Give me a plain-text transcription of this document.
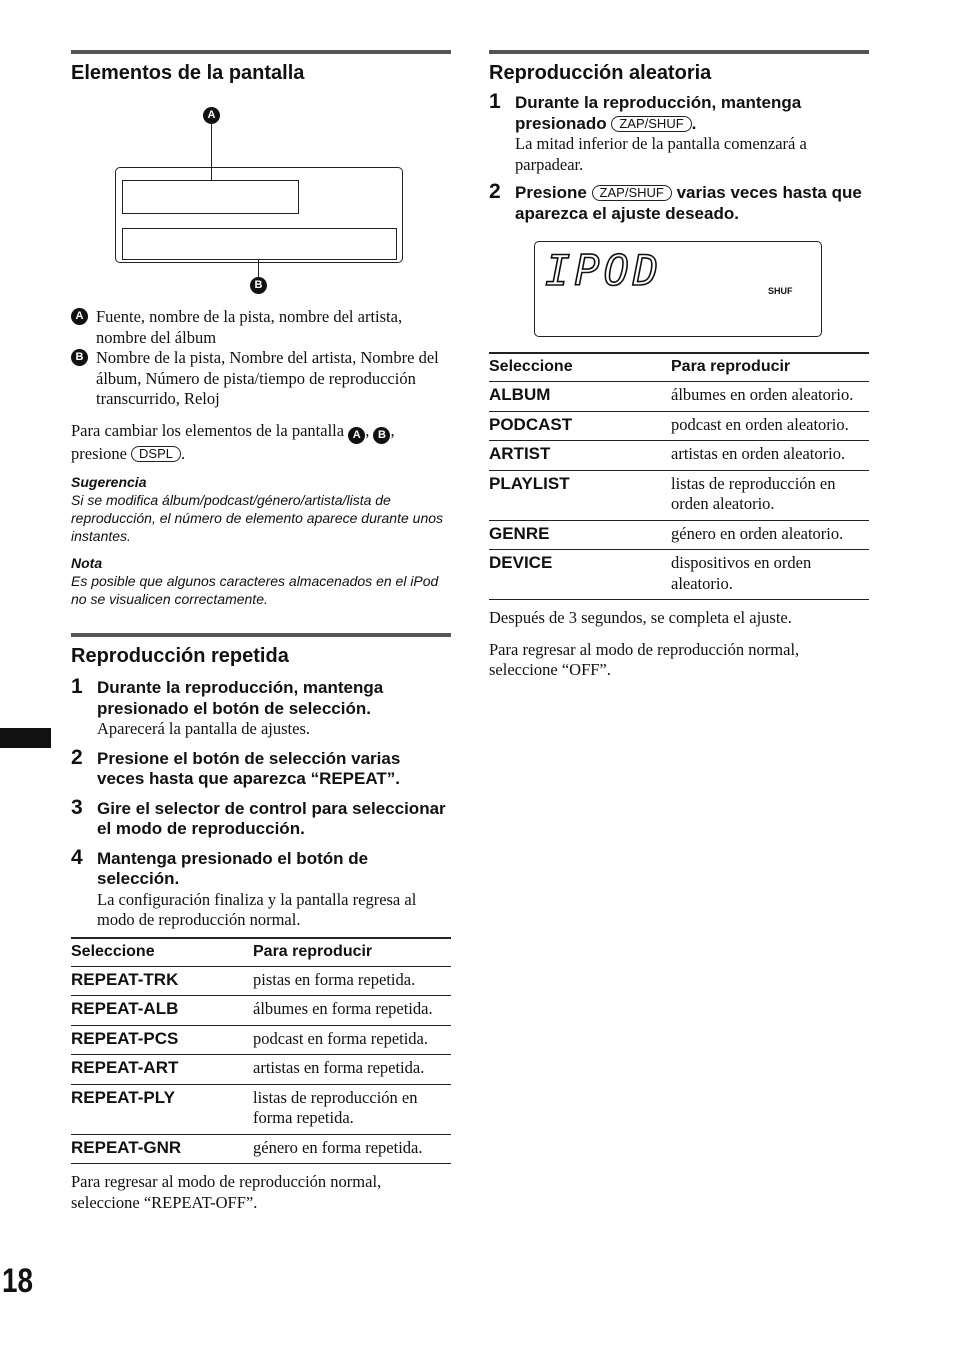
Elementos de la pantalla
A
B
A Fuente, nombre de la pista, nombre del artista, nombre del álbum
B Nombre de la pista, Nombre del artista, Nombre del álbum, Número de pista/tiempo de reproducción transcurrido, Reloj

Para cambiar los elementos de la pantalla A , B , presione DSPL .

Sugerencia

Si se modifica álbum/podcast/género/artista/lista de reproducción, el número de elemento aparece durante unos instantes.

Nota

Es posible que algunos caracteres almacenados en el iPod no se visualicen correctamente.

Reproducción repetida
1 Durante la reproducción, mantenga presionado el botón de selección.

Aparecerá la pantalla de ajustes.

2 Presione el botón de selección varias veces hasta que aparezca “REPEAT”.

3 Gire el selector de control para seleccionar el modo de reproducción.

4 Mantenga presionado el botón de selección.

La configuración finaliza y la pantalla regresa al modo de reproducción normal.

Seleccione	Para reproducir
REPEAT-TRK	pistas en forma repetida.
REPEAT-ALB	álbumes en forma repetida.
REPEAT-PCS	podcast en forma repetida.
REPEAT-ART	artistas en forma repetida.
REPEAT-PLY	listas de reproducción en forma repetida.
REPEAT-GNR	género en forma repetida.

Para regresar al modo de reproducción normal, seleccione “REPEAT-OFF”.

Reproducción aleatoria
1 Durante la reproducción, mantenga presionado ZAP/SHUF .

La mitad inferior de la pantalla comenzará a parpadear.

2 Presione ZAP/SHUF varias veces hasta que aparezca el ajuste deseado.

IPOD	SHUF
Seleccione	Para reproducir
ALBUM	álbumes en orden aleatorio.
PODCAST	podcast en orden aleatorio.
ARTIST	artistas en orden aleatorio.
PLAYLIST	listas de reproducción en orden aleatorio.
GENRE	género en orden aleatorio.
DEVICE	dispositivos en orden aleatorio.

Después de 3 segundos, se completa el ajuste.

Para regresar al modo de reproducción normal, seleccione “OFF”.

18
